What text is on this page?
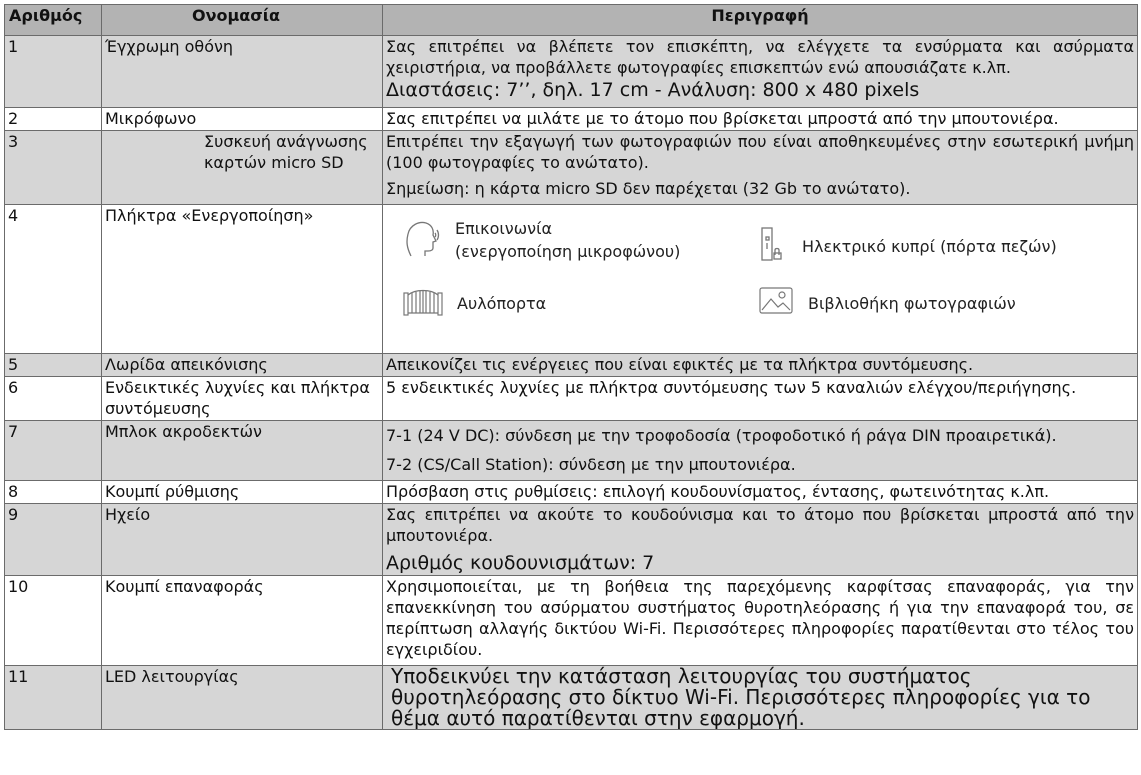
Αριθμός	Ονομασία	Περιγραφή
1	Έγχρωμη οθόνη	Σας επιτρέπει να βλέπετε τον επισκέπτη, να ελέγχετε τα ενσύρματα και ασύρματα χειριστήρια, να προβάλλετε φωτογραφίες επισκεπτών ενώ απουσιάζατε κ.λπ.
Διαστάσεις: 7’’, δηλ. 17 cm - Ανάλυση: 800 x 480 pixels

2	Μικρόφωνο	Σας επιτρέπει να μιλάτε με το άτομο που βρίσκεται μπροστά από την μπουτονιέρα.
3	Συσκευή ανάγνωσης καρτών micro SD	Επιτρέπει την εξαγωγή των φωτογραφιών που είναι αποθηκευμένες στην εσωτερική μνήμη (100 φωτογραφίες το ανώτατο).
Σημείωση: η κάρτα micro SD δεν παρέχεται (32 Gb το ανώτατο).

4	Πλήκτρα «Ενεργοποίηση»	Επικοινωνία
(ενεργοποίηση μικροφώνου) Ηλεκτρικό κυπρί (πόρτα πεζών)
Αυλόπορτα Βιβλιοθήκη φωτογραφιών

5	Λωρίδα απεικόνισης	Απεικονίζει τις ενέργειες που είναι εφικτές με τα πλήκτρα συντόμευσης.
6	Ενδεικτικές λυχνίες και πλήκτρα συντόμευσης	5 ενδεικτικές λυχνίες με πλήκτρα συντόμευσης των 5 καναλιών ελέγχου/περιήγησης.
7	Μπλοκ ακροδεκτών	7-1 (24 V DC): σύνδεση με την τροφοδοσία (τροφοδοτικό ή ράγα DIN προαιρετικά).
7-2 (CS/Call Station): σύνδεση με την μπουτονιέρα.

8	Κουμπί ρύθμισης	Πρόσβαση στις ρυθμίσεις: επιλογή κουδουνίσματος, έντασης, φωτεινότητας κ.λπ.
9	Ηχείο	Σας επιτρέπει να ακούτε το κουδούνισμα και το άτομο που βρίσκεται μπροστά από την μπουτονιέρα.
Αριθμός κουδουνισμάτων: 7

10	Κουμπί επαναφοράς	Χρησιμοποιείται, με τη βοήθεια της παρεχόμενης καρφίτσας επαναφοράς, για την επανεκκίνηση του ασύρματου συστήματος θυροτηλεόρασης ή για την επαναφορά του, σε περίπτωση αλλαγής δικτύου Wi-Fi. Περισσότερες πληροφορίες παρατίθενται στο τέλος του εγχειριδίου.
11	LED λειτουργίας	Υποδεικνύει την κατάσταση λειτουργίας του συστήματος θυροτηλεόρασης στο δίκτυο Wi-Fi. Περισσότερες πληροφορίες για το θέμα αυτό παρατίθενται στην εφαρμογή.
